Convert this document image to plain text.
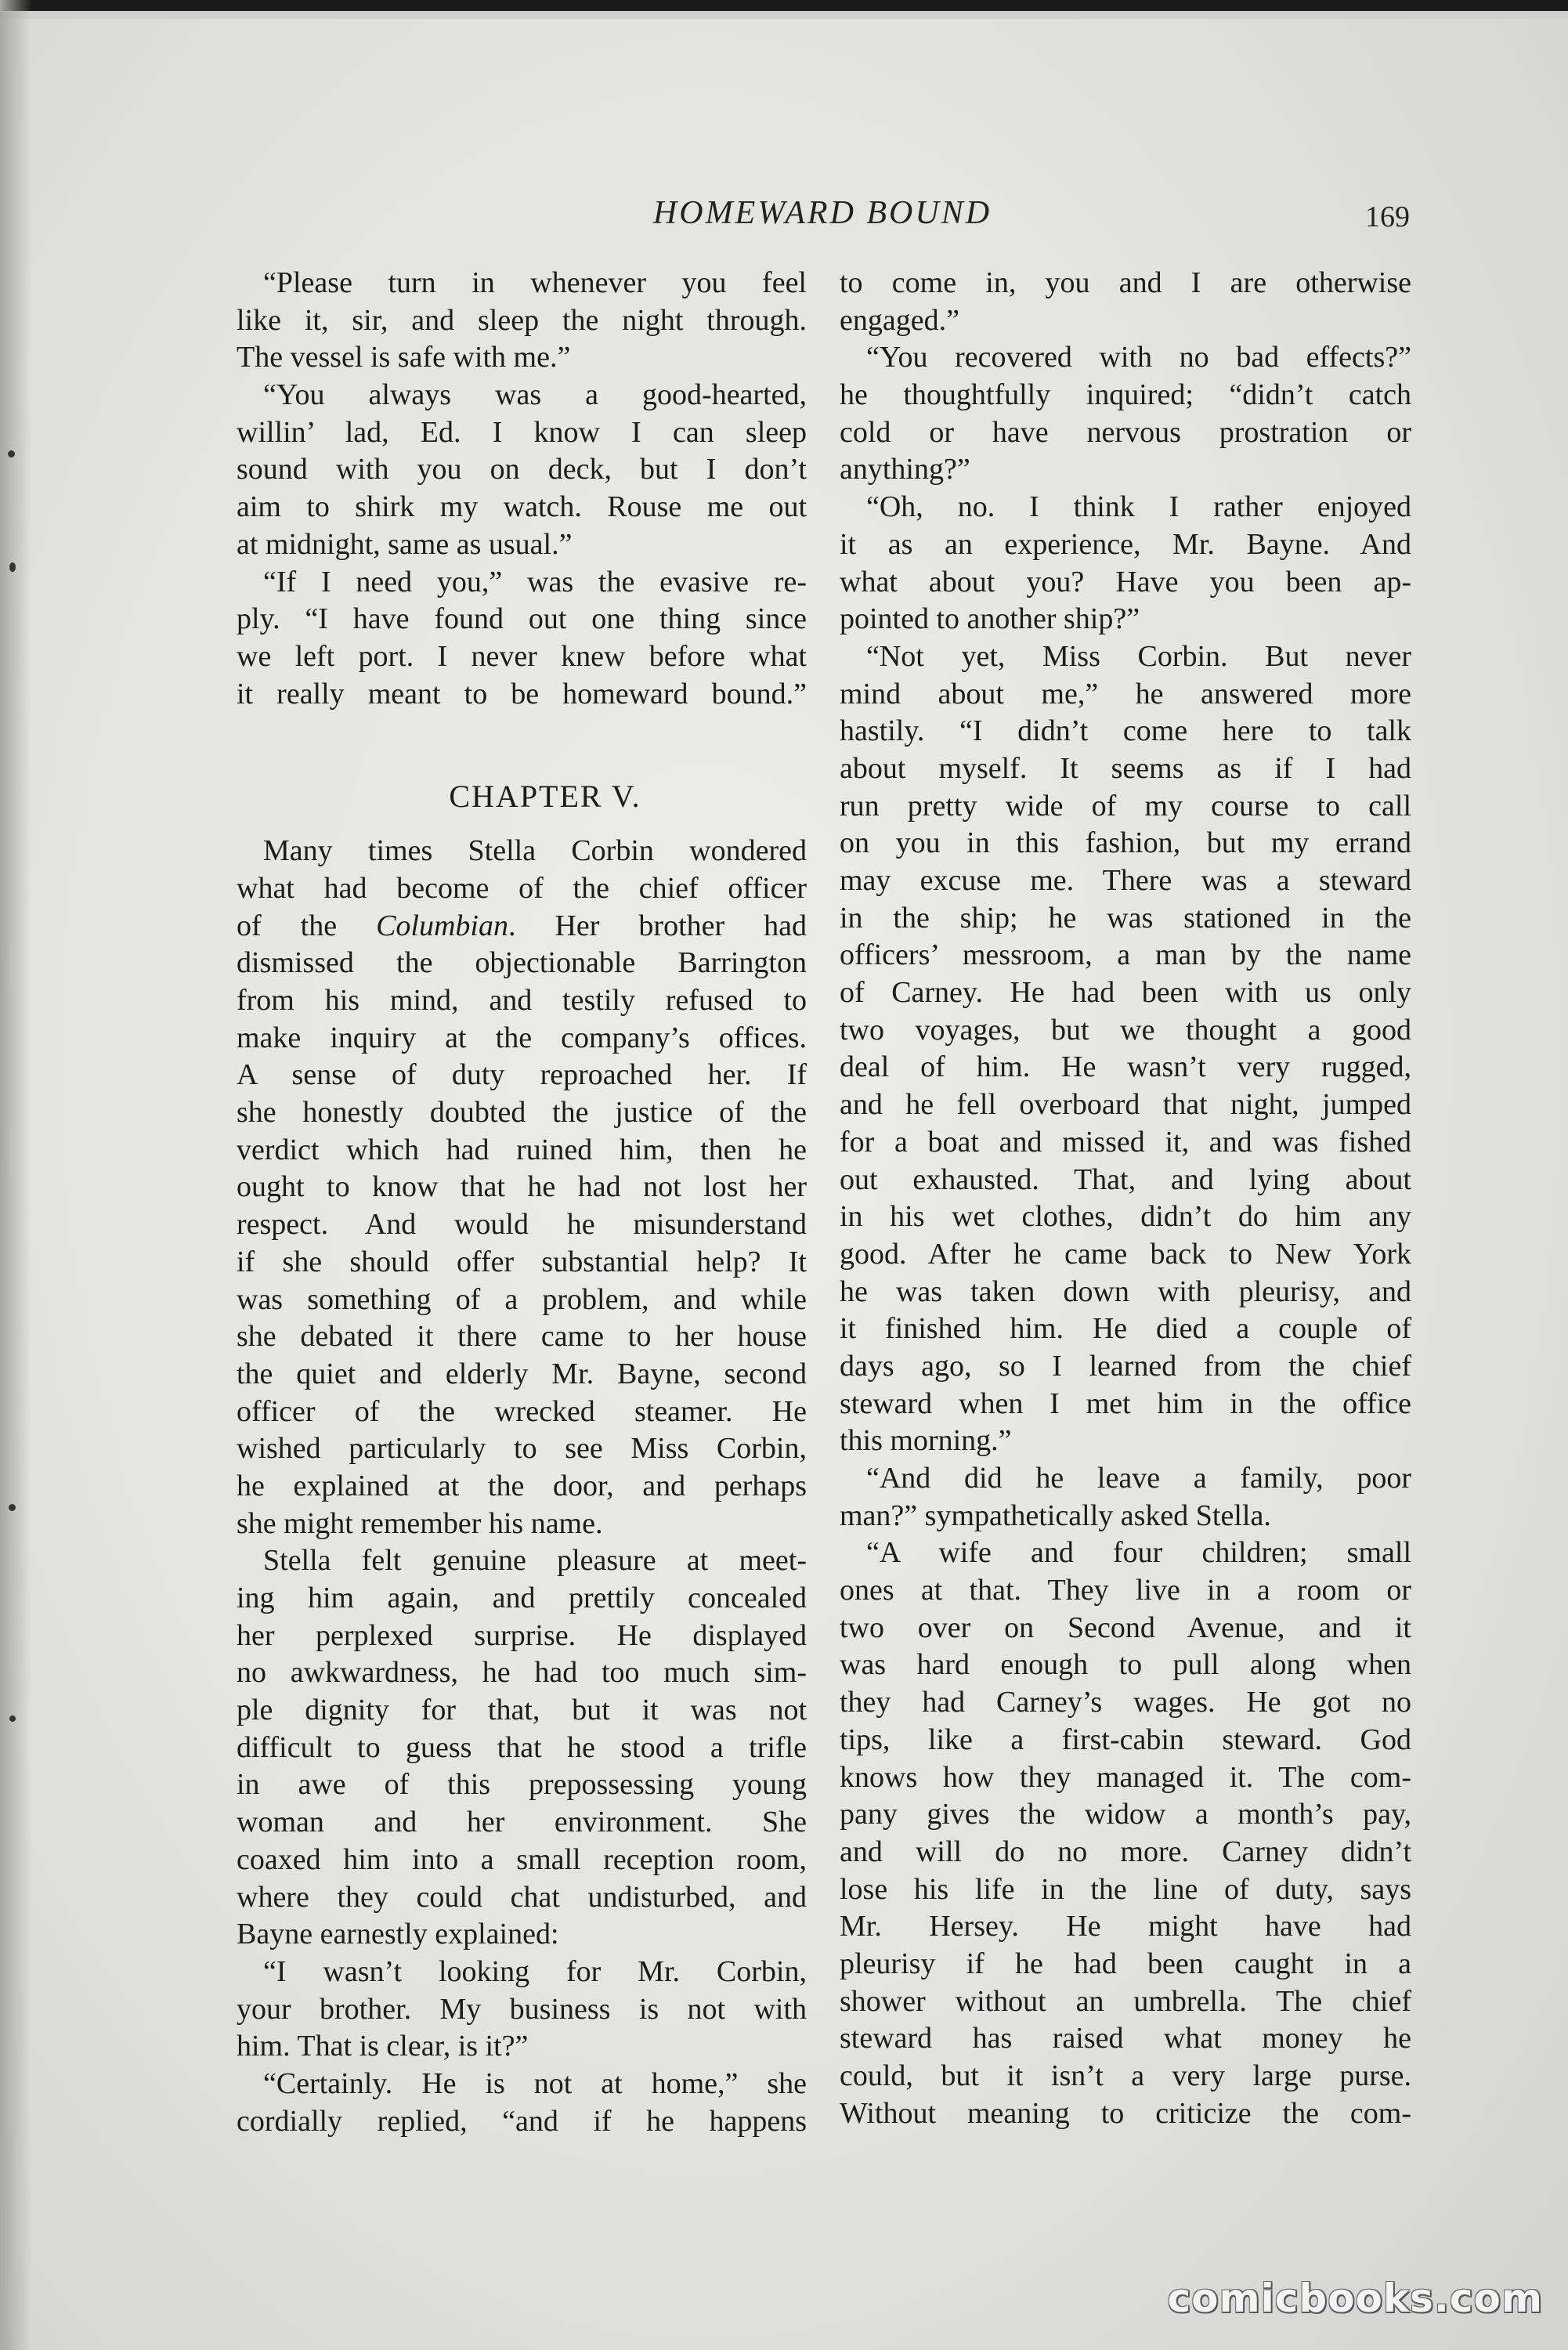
HOMEWARD BOUND	169
“Please turn in whenever you feel
like it, sir, and sleep the night through.
The vessel is safe with me.”
“You always was a good-hearted,
willin’ lad, Ed. I know I can sleep
sound with you on deck, but I don’t
aim to shirk my watch. Rouse me out
at midnight, same as usual.”
“If I need you,” was the evasive re-
ply. “I have found out one thing since
we left port. I never knew before what
it really meant to be homeward bound.”
CHAPTER V.
Many times Stella Corbin wondered
what had become of the chief officer
of the Columbian. Her brother had
dismissed the objectionable Barrington
from his mind, and testily refused to
make inquiry at the company’s offices.
A sense of duty reproached her. If
she honestly doubted the justice of the
verdict which had ruined him, then he
ought to know that he had not lost her
respect. And would he misunderstand
if she should offer substantial help? It
was something of a problem, and while
she debated it there came to her house
the quiet and elderly Mr. Bayne, second
officer of the wrecked steamer. He
wished particularly to see Miss Corbin,
he explained at the door, and perhaps
she might remember his name.
Stella felt genuine pleasure at meet-
ing him again, and prettily concealed
her perplexed surprise. He displayed
no awkwardness, he had too much sim-
ple dignity for that, but it was not
difficult to guess that he stood a trifle
in awe of this prepossessing young
woman and her environment. She
coaxed him into a small reception room,
where they could chat undisturbed, and
Bayne earnestly explained:
“I wasn’t looking for Mr. Corbin,
your brother. My business is not with
him. That is clear, is it?”
“Certainly. He is not at home,” she
cordially replied, “and if he happens
to come in, you and I are otherwise
engaged.”
“You recovered with no bad effects?”
he thoughtfully inquired; “didn’t catch
cold or have nervous prostration or
anything?”
“Oh, no. I think I rather enjoyed
it as an experience, Mr. Bayne. And
what about you? Have you been ap-
pointed to another ship?”
“Not yet, Miss Corbin. But never
mind about me,” he answered more
hastily. “I didn’t come here to talk
about myself. It seems as if I had
run pretty wide of my course to call
on you in this fashion, but my errand
may excuse me. There was a steward
in the ship; he was stationed in the
officers’ messroom, a man by the name
of Carney. He had been with us only
two voyages, but we thought a good
deal of him. He wasn’t very rugged,
and he fell overboard that night, jumped
for a boat and missed it, and was fished
out exhausted. That, and lying about
in his wet clothes, didn’t do him any
good. After he came back to New York
he was taken down with pleurisy, and
it finished him. He died a couple of
days ago, so I learned from the chief
steward when I met him in the office
this morning.”
“And did he leave a family, poor
man?” sympathetically asked Stella.
“A wife and four children; small
ones at that. They live in a room or
two over on Second Avenue, and it
was hard enough to pull along when
they had Carney’s wages. He got no
tips, like a first-cabin steward. God
knows how they managed it. The com-
pany gives the widow a month’s pay,
and will do no more. Carney didn’t
lose his life in the line of duty, says
Mr. Hersey. He might have had
pleurisy if he had been caught in a
shower without an umbrella. The chief
steward has raised what money he
could, but it isn’t a very large purse.
Without meaning to criticize the com-
comicbooks.com
